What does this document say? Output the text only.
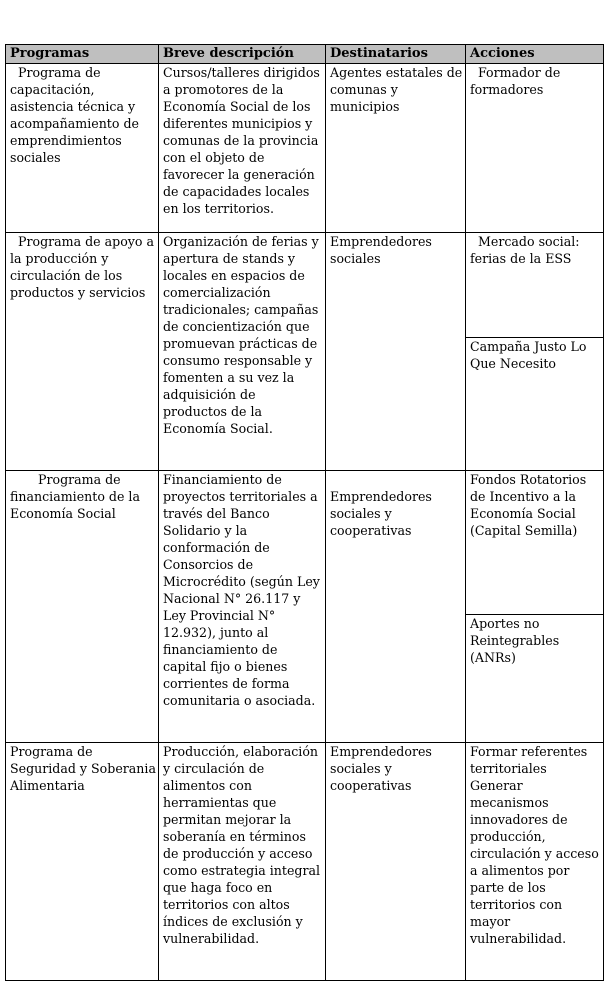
Programas	Breve descripción	Destinatarios	Acciones
Programa de capacitación, asistencia técnica y acompañamiento de emprendimientos sociales	Cursos/talleres dirigidos a promotores de la Economía Social de los diferentes municipios y comunas de la provincia con el objeto de favorecer la generación de capacidades locales en los territorios.	Agentes estatales de comunas y municipios	Formador de formadores
Programa de apoyo a la producción y circulación de los productos y servicios	Organización de ferias y apertura de stands y locales en espacios de comercialización tradicionales; campañas de concientización que promuevan prácticas de consumo responsable y fomenten a su vez la adquisición de productos de la Economía Social.	Emprendedores sociales	Mercado social: ferias de la ESS
			Campaña Justo Lo Que Necesito
Programa de financiamiento de la Economía Social	Financiamiento de proyectos territoriales a través del Banco Solidario y la conformación de Consorcios de Microcrédito (según Ley Nacional N° 26.117 y Ley Provincial N° 12.932), junto al financiamiento de capital fijo o bienes corrientes de forma comunitaria o asociada.	Emprendedores sociales y cooperativas	Fondos Rotatorios de Incentivo a la Economía Social (Capital Semilla)
			Aportes no Reintegrables (ANRs)
Programa de Seguridad y Soberania Alimentaria	Producción, elaboración y circulación de alimentos con herramientas que permitan mejorar la soberanía en términos de producción y acceso como estrategia integral que haga foco en territorios con altos índices de exclusión y vulnerabilidad.	Emprendedores sociales y cooperativas	Formar referentes territoriales Generar mecanismos innovadores de producción, circulación y acceso a alimentos por parte de los territorios con mayor vulnerabilidad.
